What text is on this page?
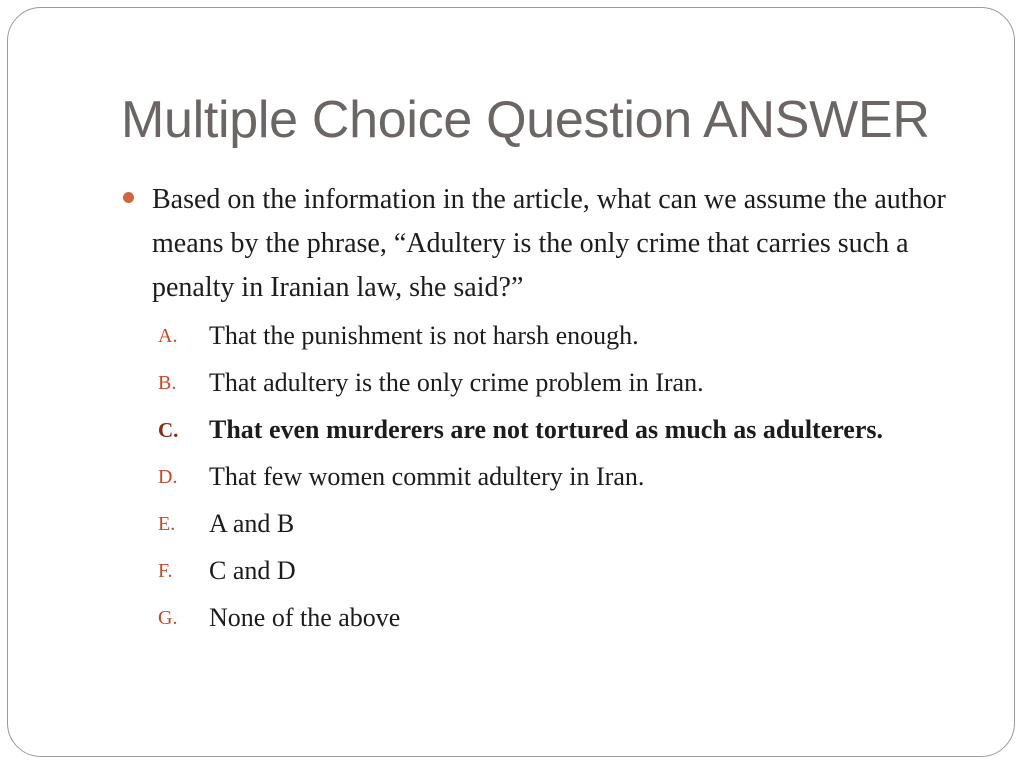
Multiple Choice Question ANSWER
Based on the information in the article, what can we assume the author means by the phrase, “Adultery is the only crime that carries such a penalty in Iranian law, she said?”
A. That the punishment is not harsh enough.
B. That adultery is the only crime problem in Iran.
C. That even murderers are not tortured as much as adulterers.
D. That few women commit adultery in Iran.
E. A and B
F. C and D
G. None of the above
